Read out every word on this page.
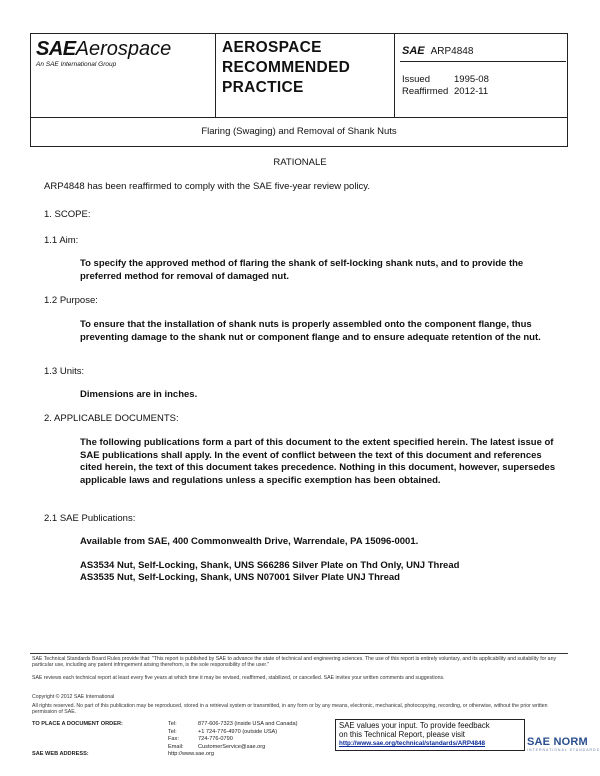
SAEAerospace
An SAE International Group
AEROSPACE
RECOMMENDED
PRACTICE
SAE ARP4848
Issued	1995-08
Reaffirmed 2012-11
Flaring (Swaging) and Removal of Shank Nuts
RATIONALE

ARP4848 has been reaffirmed to comply with the SAE five-year review policy.

1. SCOPE:

1.1 Aim:

To specify the approved method of flaring the shank of self-locking shank nuts, and to provide the preferred method for removal of damaged nut.

1.2 Purpose:

To ensure that the installation of shank nuts is properly assembled onto the component flange, thus preventing damage to the shank nut or component flange and to ensure adequate retention of the nut.

1.3 Units:

Dimensions are in inches.

2. APPLICABLE DOCUMENTS:

The following publications form a part of this document to the extent specified herein. The latest issue of SAE publications shall apply. In the event of conflict between the text of this document and references cited herein, the text of this document takes precedence. Nothing in this document, however, supersedes applicable laws and regulations unless a specific exemption has been obtained.

2.1 SAE Publications:

Available from SAE, 400 Commonwealth Drive, Warrendale, PA 15096-0001.

AS3534 Nut, Self-Locking, Shank, UNS S66286 Silver Plate on Thd Only, UNJ Thread

AS3535 Nut, Self-Locking, Shank, UNS N07001 Silver Plate UNJ Thread

SAE Technical Standards Board Rules provide that: "This report is published by SAE to advance the state of technical and engineering sciences. The use of this report is entirely voluntary, and its applicability and suitability for any particular use, including any patent infringement arising therefrom, is the sole responsibility of the user."

SAE reviews each technical report at least every five years at which time it may be revised, reaffirmed, stabilized, or cancelled. SAE invites your written comments and suggestions.

Copyright © 2012 SAE International

All rights reserved. No part of this publication may be reproduced, stored in a retrieval system or transmitted, in any form or by any means, electronic, mechanical, photocopying, recording, or otherwise, without the prior written permission of SAE.

TO PLACE A DOCUMENT ORDER:	Tel:	877-606-7323 (inside USA and Canada)
Tel:	+1 724-776-4970 (outside USA)
Fax:	724-776-0790
Email:	CustomerService@sae.org
SAE WEB ADDRESS:	http://www.sae.org
SAE values your input. To provide feedback
on this Technical Report, please visit
http://www.sae.org/technical/standards/ARP4848	SAE NORM
INTERNATIONAL STANDARDS
